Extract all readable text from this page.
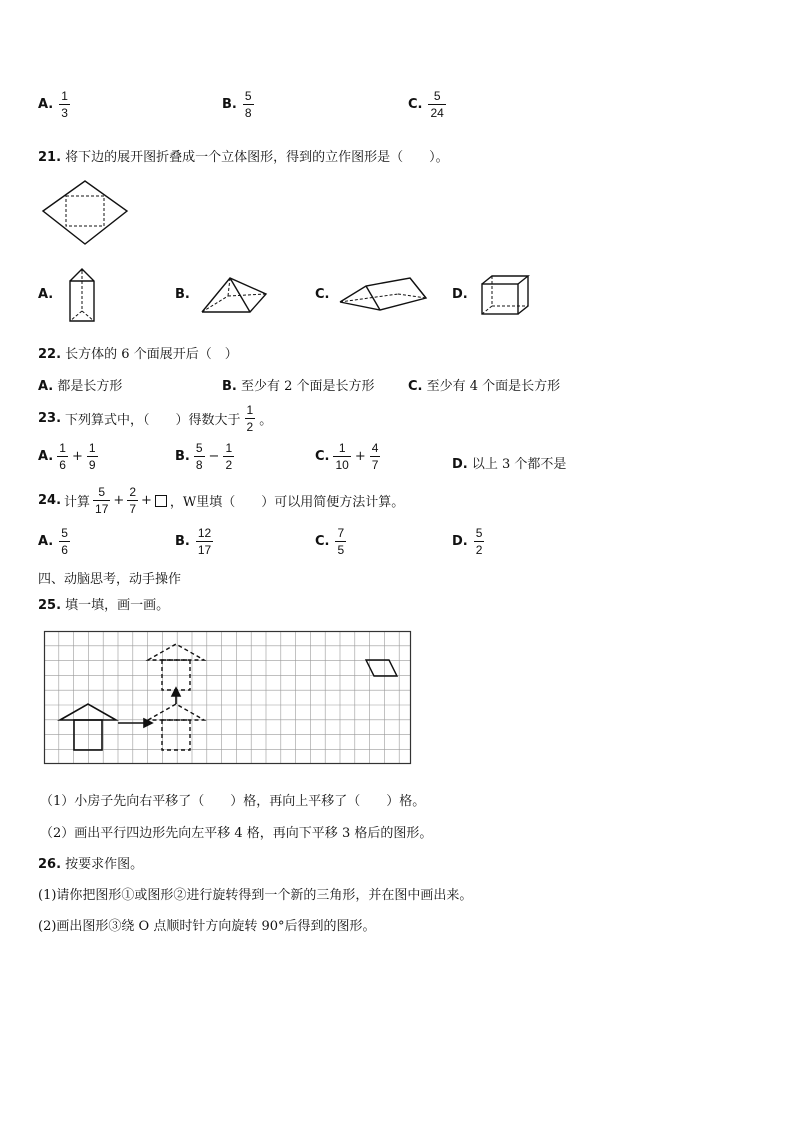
A. $\frac{1}{3}$	B. $\frac{5}{8}$	C. $\frac{5}{24}$
21. 将下边的展开图折叠成一个立体图形，得到的立作图形是（　　）。
A.	B.	C.	D.
22. 长方体的 6 个面展开后（　）
A. 都是长方形	B. 至少有 2 个面是长方形	C. 至少有 4 个面是长方形
23. 下列算式中，（　　）得数大于 $\frac{1}{2}$ 。
A. $\frac{1}{6} + \frac{1}{9}$	B. $\frac{5}{8} - \frac{1}{2}$	C. $\frac{1}{10} + \frac{4}{7}$	D. 以上 3 个都不是
24. 计算 $\frac{5}{17} + \frac{2}{7}$ + ，W里填（　　）可以用简便方法计算。
A. $\frac{5}{6}$	B. $\frac{12}{17}$	C. $\frac{7}{5}$	D. $\frac{5}{2}$
四、动脑思考，动手操作
25. 填一填，画一画。
（1）小房子先向右平移了（　　）格，再向上平移了（　　）格。
（2）画出平行四边形先向左平移 4 格，再向下平移 3 格后的图形。
26. 按要求作图。
(1)请你把图形①或图形②进行旋转得到一个新的三角形，并在图中画出来。
(2)画出图形③绕 O 点顺时针方向旋转 90°后得到的图形。
